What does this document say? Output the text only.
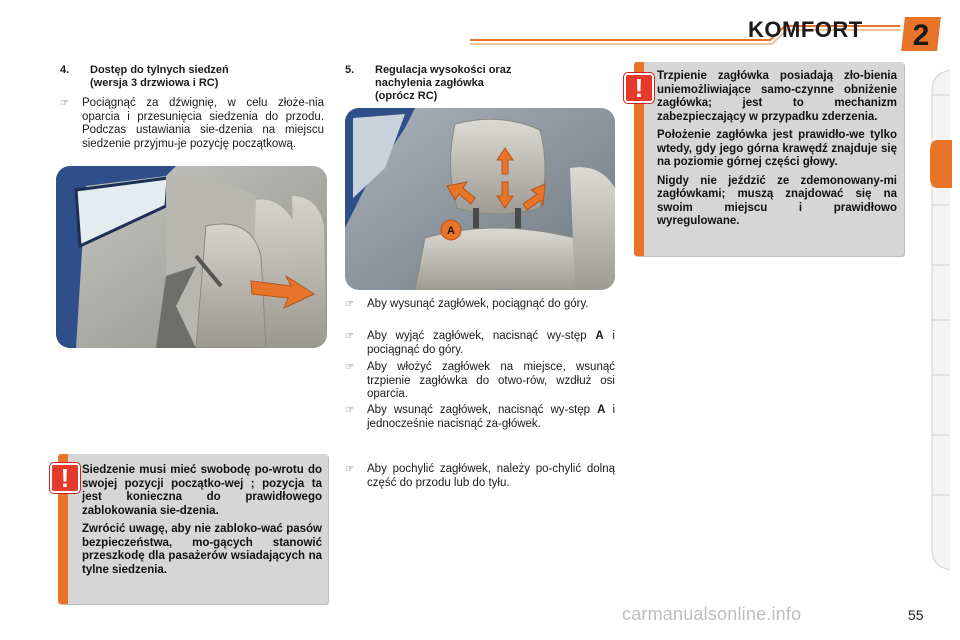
KOMFORT 2
4. Dostęp do tylnych siedzeń
(wersja 3 drzwiowa i RC)
☞ Pociągnąć za dźwignię, w celu złoże-nia oparcia i przesunięcia siedzenia do przodu. Podczas ustawiania sie-dzenia na miejscu siedzenie przyjmu-je pozycję początkową.
!	Siedzenie musi mieć swobodę po-wrotu do swojej pozycji początko-wej ; pozycja ta jest konieczna do prawidłowego zablokowania sie-dzenia.

Zwrócić uwagę, aby nie zabloko-wać pasów bezpieczeństwa, mo-gących stanowić przeszkodę dla pasażerów wsiadających na tylne siedzenia.

5. Regulacja wysokości oraz
nachylenia zagłówka
(oprócz RC)
A
☞ Aby wysunąć zagłówek, pociągnąć do góry.
☞ Aby wyjąć zagłówek, nacisnąć wy-stęp A i pociągnąć do góry.
☞ Aby włożyć zagłówek na miejsce, wsunąć trzpienie zagłówka do otwo-rów, wzdłuż osi oparcia.
☞ Aby wsunąć zagłówek, nacisnąć wy-stęp A i jednocześnie nacisnąć za-główek.
☞ Aby pochylić zagłówek, należy po-chylić dolną część do przodu lub do tyłu.
!	Trzpienie zagłówka posiadają zło-bienia uniemożliwiające samo-czynne obniżenie zagłówka; jest to mechanizm zabezpieczający w przypadku zderzenia.

Położenie zagłówka jest prawidło-we tylko wtedy, gdy jego górna krawędź znajduje się na poziomie górnej części głowy.

Nigdy nie jeździć ze zdemonowany-mi zagłówkami; muszą znajdować się na swoim miejscu i prawidłowo wyregulowane.

carmanualsonline.info	55
